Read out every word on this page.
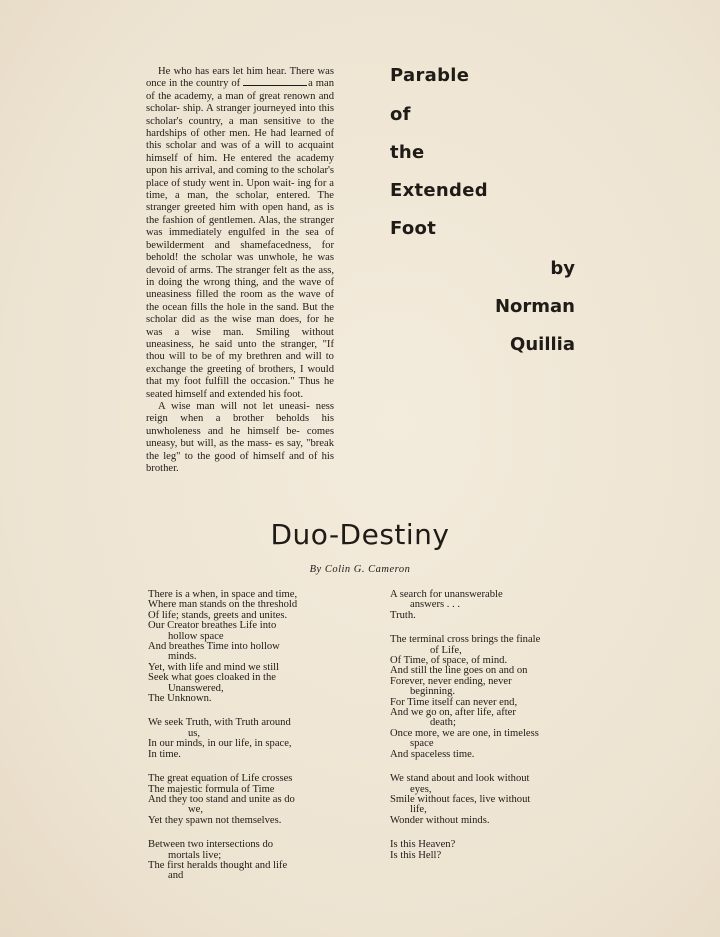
He who has ears let him hear. There was once in the country of	a man of the academy, a man of great renown and scholar- ship. A stranger journeyed into this scholar's country, a man sensitive to the hardships of other men. He had learned of this scholar and was of a will to acquaint himself of him. He entered the academy upon his arrival, and coming to the scholar's place of study went in. Upon wait- ing for a time, a man, the scholar, entered. The stranger greeted him with open hand, as is the fashion of gentlemen. Alas, the stranger was immediately engulfed in the sea of bewilderment and shamefacedness, for behold! the scholar was unwhole, he was devoid of arms. The stranger felt as the ass, in doing the wrong thing, and the wave of uneasiness filled the room as the wave of the ocean fills the hole in the sand. But the scholar did as the wise man does, for he was a wise man. Smiling without uneasiness, he said unto the stranger, "If thou will to be of my brethren and will to exchange the greeting of brothers, I would that my foot fulfill the occasion." Thus he seated himself and extended his foot.

A wise man will not let uneasi- ness reign when a brother beholds his unwholeness and he himself be- comes uneasy, but will, as the mass- es say, "break the leg" to the good of himself and of his brother.

Parable
of
the
Extended
Foot
by
Norman
Quillia
Duo-Destiny
By Colin G. Cameron
There is a when, in space and time,
Where man stands on the threshold
Of life; stands, greets and unites.
Our Creator breathes Life into
hollow space
And breathes Time into hollow
minds.
Yet, with life and mind we still
Seek what goes cloaked in the
Unanswered,
The Unknown.
We seek Truth, with Truth around
us,
In our minds, in our life, in space,
In time.
The great equation of Life crosses
The majestic formula of Time
And they too stand and unite as do
we,
Yet they spawn not themselves.
Between two intersections do
mortals live;
The first heralds thought and life
and
A search for unanswerable
answers . . .
Truth.
The terminal cross brings the finale
of Life,
Of Time, of space, of mind.
And still the line goes on and on
Forever, never ending, never
beginning.
For Time itself can never end,
And we go on, after life, after
death;
Once more, we are one, in timeless
space
And spaceless time.
We stand about and look without
eyes,
Smile without faces, live without
life,
Wonder without minds.
Is this Heaven?
Is this Hell?
